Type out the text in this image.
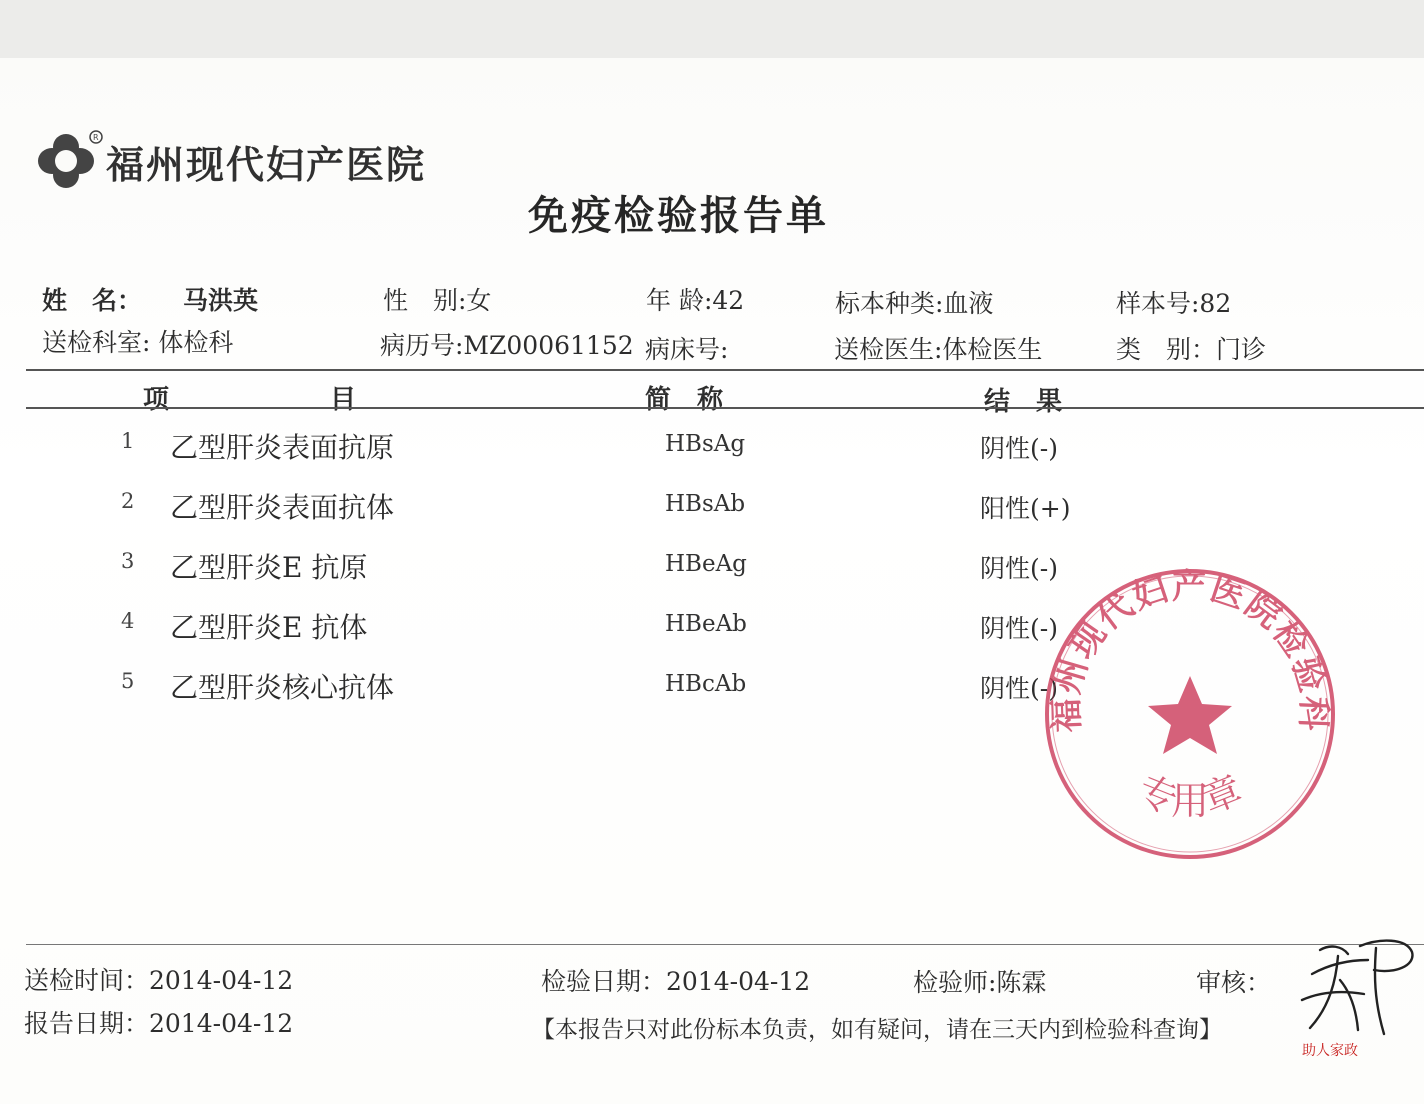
R
福州现代妇产医院
免疫检验报告单
姓　名： 马洪英	性　别:女	年 龄:42	标本种类:血液	样本号:82
送检科室: 体检科	病历号:MZ00061152 病床号:	送检医生:体检医生	类　别：门诊
项	目	简　称	结　果
1 乙型肝炎表面抗原	HBsAg	阴性(-)
2 乙型肝炎表面抗体	HBsAb	阳性(+)
3 乙型肝炎E 抗原	HBeAg	阴性(-)
4 乙型肝炎E 抗体	HBeAb	阴性(-)
5 乙型肝炎核心抗体	HBcAb	阴性(-)
福州现代妇产医院检验科
专用章
送检时间：2014-04-12
报告日期：2014-04-12
检验日期：2014-04-12	检验师:陈霖	审核：
【本报告只对此份标本负责，如有疑问，请在三天内到检验科查询】
助人家政
